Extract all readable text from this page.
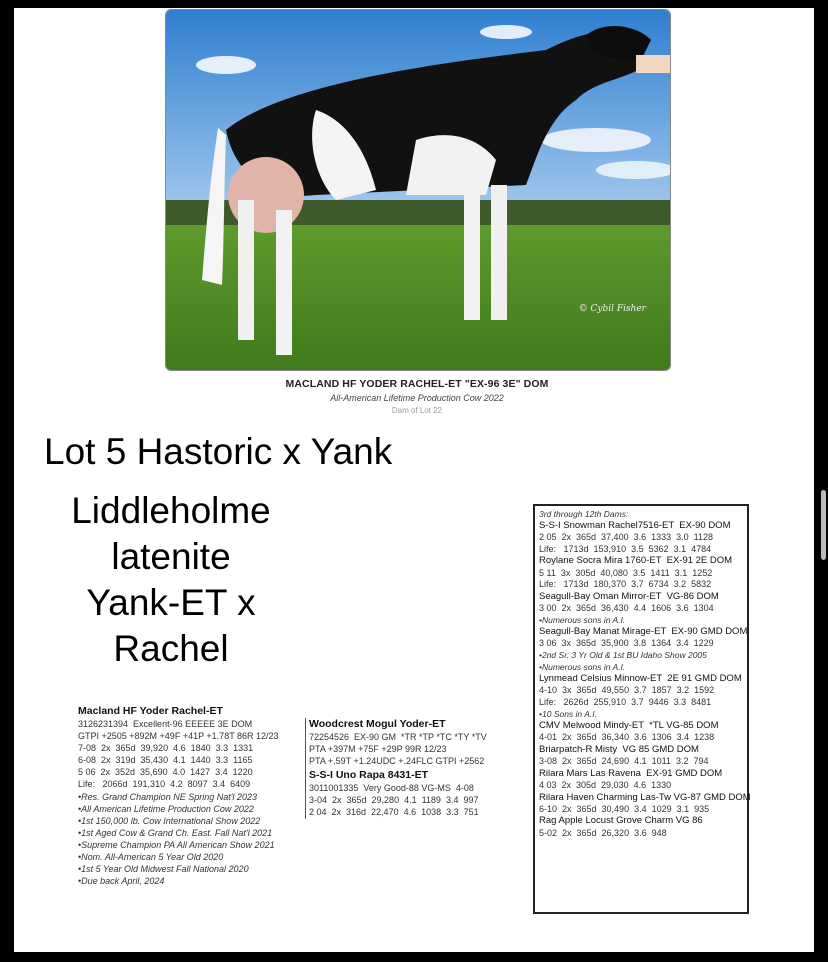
© Cybil Fisher
MACLAND HF YODER RACHEL-ET "EX-96 3E" DOM
All-American Lifetime Production Cow 2022
Dam of Lot 22
Lot 5 Hastoric x Yank
Liddleholme
latenite
Yank-ET x
Rachel
Macland HF Yoder Rachel-ET
3126231394  Excellent-96 EEEEE 3E DOM
GTPI +2505 +892M +49F +41P +1.78T 86R 12/23
7-08  2x  365d  39,920  4.6  1840  3.3  1331
6-08  2x  319d  35,430  4.1  1440  3.3  1165
5 06  2x  352d  35,690  4.0  1427  3.4  1220
Life:   2066d  191,310  4.2  8097  3.4  6409
•Res. Grand Champion NE Spring Nat'l 2023
•All American Lifetime Production Cow 2022
•1st 150,000 lb. Cow International Show 2022
•1st Aged Cow & Grand Ch. East. Fall Nat'l 2021
•Supreme Champion PA All American Show 2021
•Nom. All-American 5 Year Old 2020
•1st 5 Year Old Midwest Fall National 2020
•Due back April, 2024
Woodcrest Mogul Yoder-ET
72254526  EX-90 GM  *TR *TP *TC *TY *TV
PTA +397M +75F +29P 99R 12/23
PTA +.59T +1.24UDC +.24FLC GTPI +2562
S-S-I Uno Rapa 8431-ET
3011001335  Very Good-88 VG-MS  4-08
3-04  2x  365d  29,280  4.1  1189  3.4  997
2 04  2x  316d  22,470  4.6  1038  3.3  751
3rd through 12th Dams:
S-S-I Snowman Rachel7516-ET  EX-90 DOM
2 05  2x  365d  37,400  3.6  1333  3.0  1128
Life:   1713d  153,910  3.5  5362  3.1  4784
Roylane Socra Mira 1760-ET  EX-91 2E DOM
5 11  3x  305d  40,080  3.5  1411  3.1  1252
Life:   1713d  180,370  3.7  6734  3.2  5832
Seagull-Bay Oman Mirror-ET  VG-86 DOM
3 00  2x  365d  36,430  4.4  1606  3.6  1304
•Numerous sons in A.I.
Seagull-Bay Manat Mirage-ET  EX-90 GMD DOM
3 06  3x  365d  35,900  3.8  1364  3.4  1229
•2nd Sr. 3 Yr Old & 1st BU Idaho Show 2005
•Numerous sons in A.I.
Lynmead Celsius Minnow-ET  2E 91 GMD DOM
4-10  3x  365d  49,550  3.7  1857  3.2  1592
Life:   2626d  255,910  3.7  9446  3.3  8481
•10 Sons in A.I.
CMV Melwood Mindy-ET  *TL VG-85 DOM
4-01  2x  365d  36,340  3.6  1306  3.4  1238
Briarpatch-R Misty  VG 85 GMD DOM
3-08  2x  365d  24,690  4.1  1011  3.2  794
Rilara Mars Las Ravena  EX-91 GMD DOM
4 03  2x  305d  29,030  4.6  1330
Rilara Haven Charming Las-Tw VG-87 GMD DOM
6-10  2x  365d  30,490  3.4  1029  3.1  935
Rag Apple Locust Grove Charm VG 86
5-02  2x  365d  26,320  3.6  948
